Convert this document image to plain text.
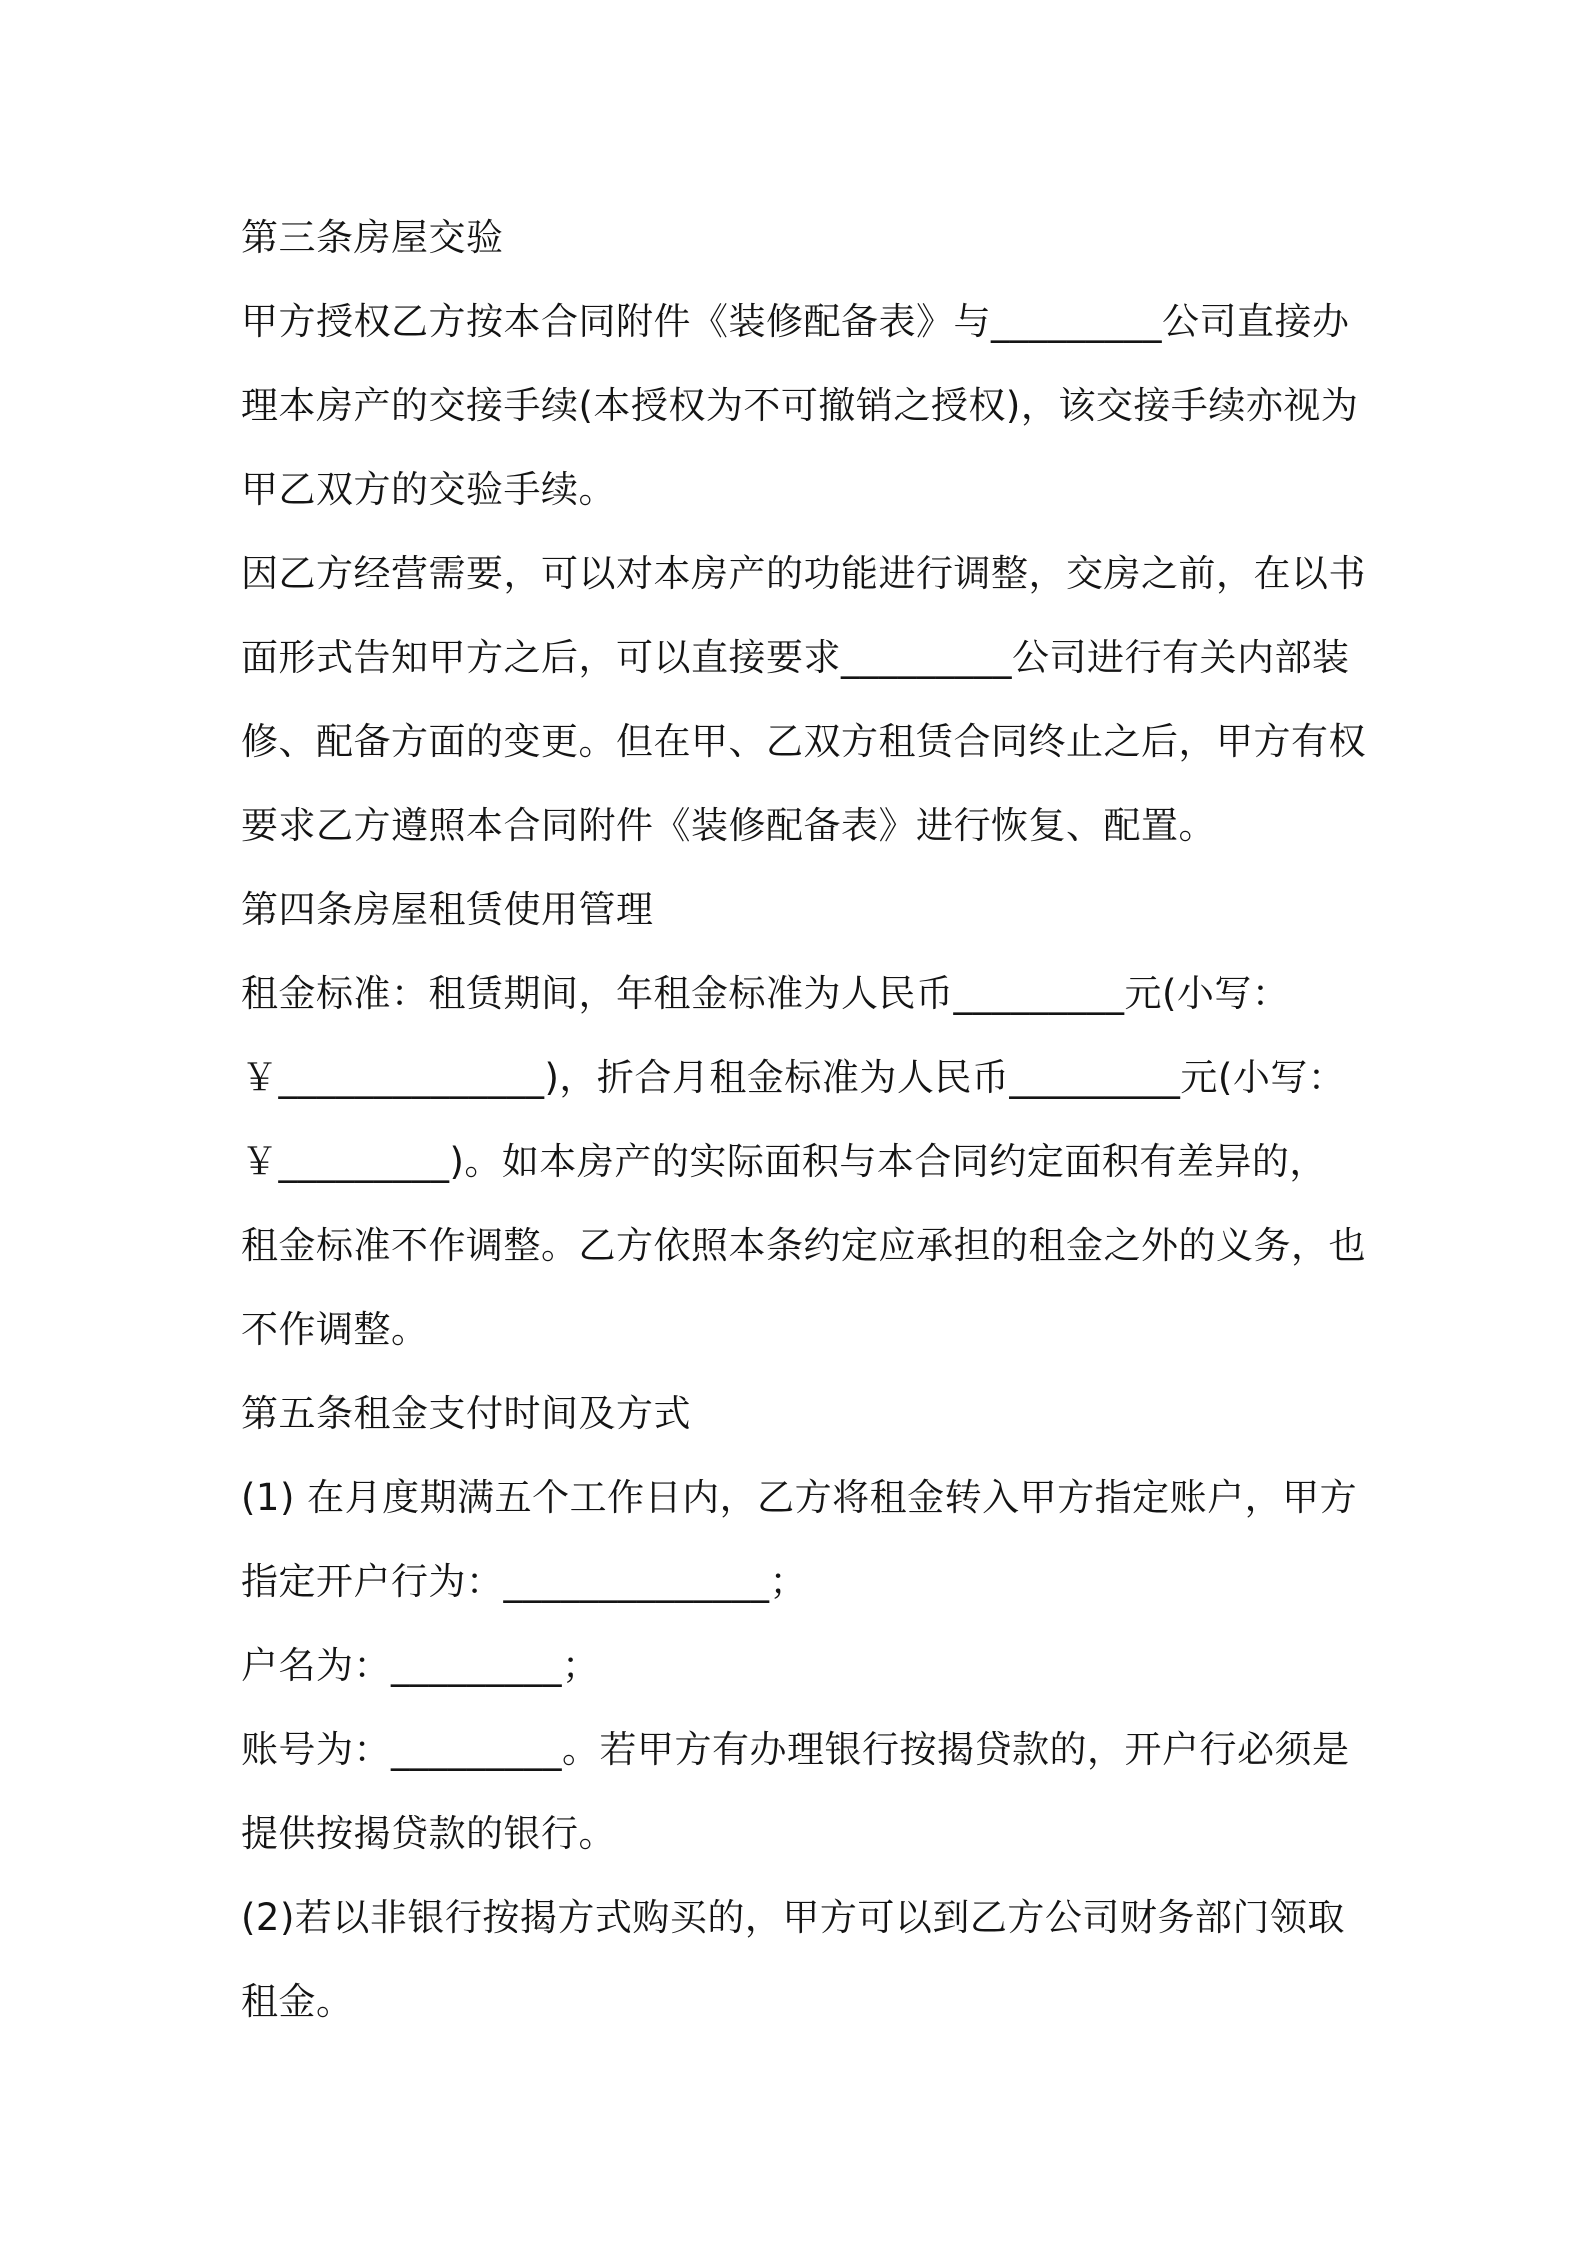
第三条房屋交验
甲方授权乙方按本合同附件《装修配备表》与_________公司直接办
理本房产的交接手续(本授权为不可撤销之授权)，该交接手续亦视为
甲乙双方的交验手续。
因乙方经营需要，可以对本房产的功能进行调整，交房之前，在以书
面形式告知甲方之后，可以直接要求_________公司进行有关内部装
修、配备方面的变更。但在甲、乙双方租赁合同终止之后，甲方有权
要求乙方遵照本合同附件《装修配备表》进行恢复、配置。
第四条房屋租赁使用管理
租金标准：租赁期间，年租金标准为人民币_________元(小写：
￥______________)，折合月租金标准为人民币_________元(小写：
￥_________)。如本房产的实际面积与本合同约定面积有差异的，
租金标准不作调整。乙方依照本条约定应承担的租金之外的义务，也
不作调整。
第五条租金支付时间及方式
(1) 在月度期满五个工作日内，乙方将租金转入甲方指定账户，甲方
指定开户行为：______________；
户名为：_________；
账号为：_________。若甲方有办理银行按揭贷款的，开户行必须是
提供按揭贷款的银行。
(2)若以非银行按揭方式购买的，甲方可以到乙方公司财务部门领取
租金。
